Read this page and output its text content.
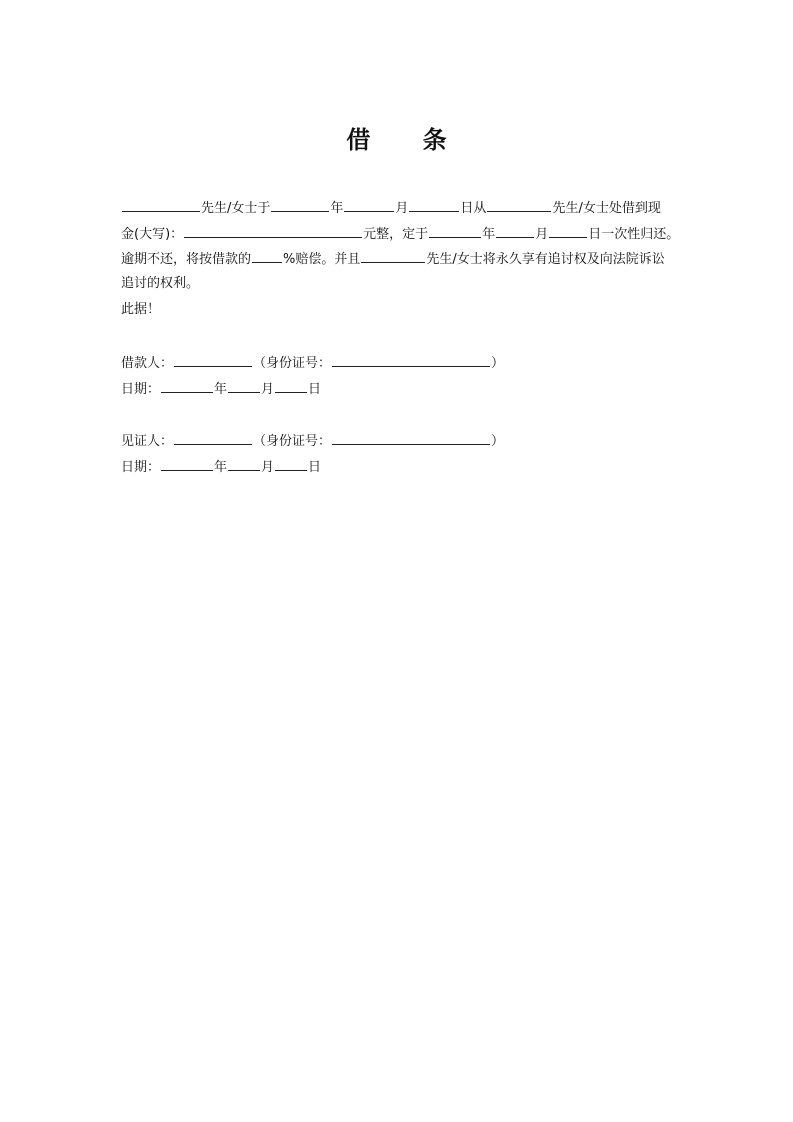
借 条
先生/女士于	年	月	日从	先生/女士处借到现
金(大写)：	元整，定于	年	月	日一次性归还。
逾期不还，将按借款的 %赔偿。并且	先生/女士将永久享有追讨权及向法院诉讼
追讨的权利。
此据！
借款人：	（身份证号：	）
日期：	年	月	日
见证人：	（身份证号：	）
日期：	年	月	日
